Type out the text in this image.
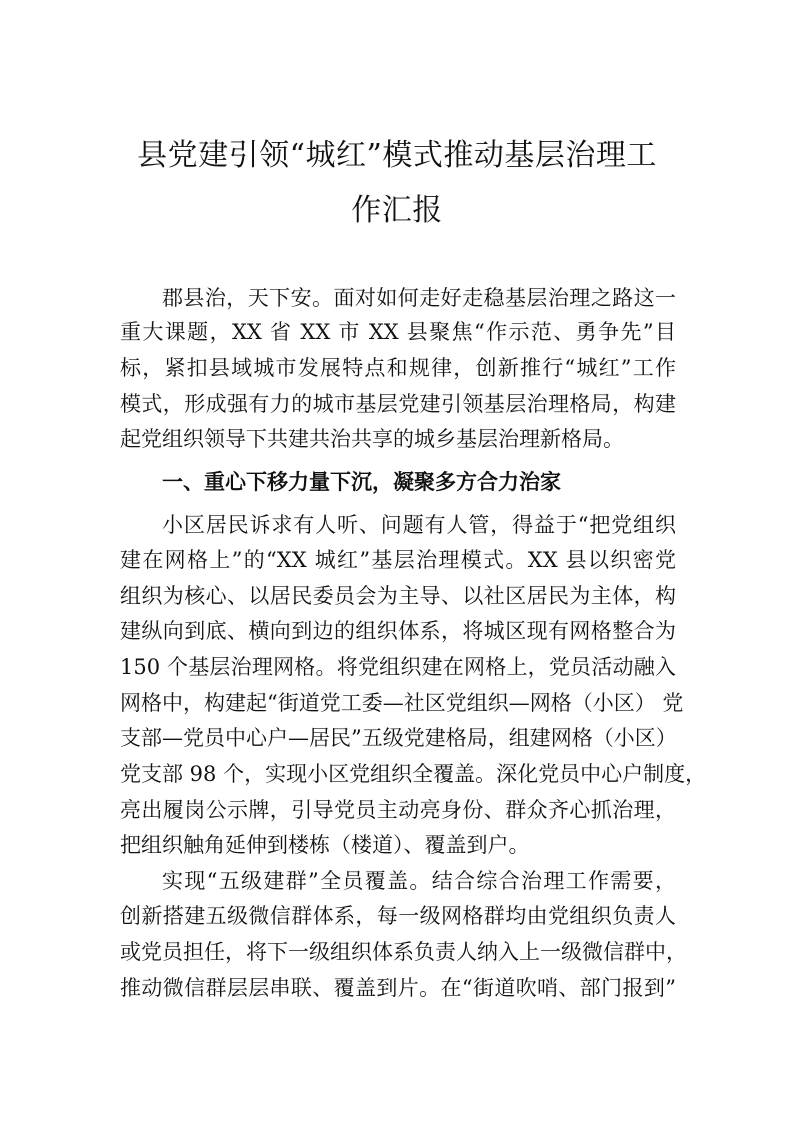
县党建引领“城红”模式推动基层治理工
作汇报

郡县治，天下安。面对如何走好走稳基层治理之路这一

重大课题，XX 省 XX 市 XX 县聚焦“作示范、勇争先”目

标，紧扣县域城市发展特点和规律，创新推行“城红”工作

模式，形成强有力的城市基层党建引领基层治理格局，构建

起党组织领导下共建共治共享的城乡基层治理新格局。

一、重心下移力量下沉，凝聚多方合力治家

小区居民诉求有人听、问题有人管，得益于“把党组织

建在网格上”的“XX 城红”基层治理模式。XX 县以织密党

组织为核心、以居民委员会为主导、以社区居民为主体，构

建纵向到底、横向到边的组织体系，将城区现有网格整合为

150 个基层治理网格。将党组织建在网格上，党员活动融入

网格中，构建起“街道党工委—社区党组织—网格（小区） 党

支部—党员中心户—居民”五级党建格局，组建网格（小区）

党支部 98 个，实现小区党组织全覆盖。深化党员中心户制度，

亮出履岗公示牌，引导党员主动亮身份、群众齐心抓治理，

把组织触角延伸到楼栋（楼道）、覆盖到户。

实现“五级建群”全员覆盖。结合综合治理工作需要，

创新搭建五级微信群体系，每一级网格群均由党组织负责人

或党员担任，将下一级组织体系负责人纳入上一级微信群中，

推动微信群层层串联、覆盖到片。在“街道吹哨、部门报到”
